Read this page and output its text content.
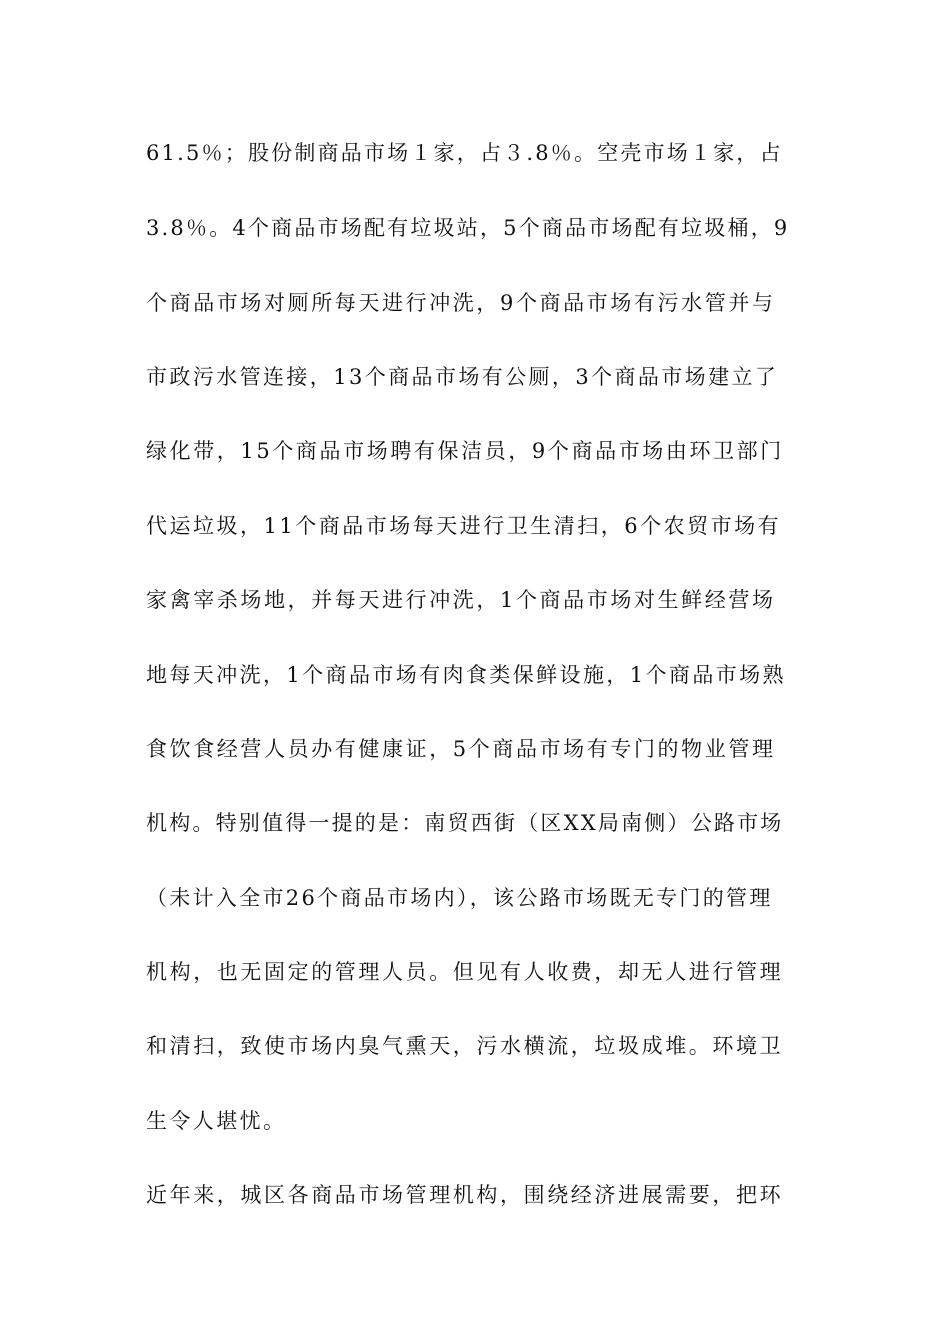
61.5％；股份制商品市场１家，占３.8％。空壳市场１家，占
3.8％。4个商品市场配有垃圾站，5个商品市场配有垃圾桶，9
个商品市场对厕所每天进行冲洗，9个商品市场有污水管并与
市政污水管连接，13个商品市场有公厕，3个商品市场建立了
绿化带，15个商品市场聘有保洁员，9个商品市场由环卫部门
代运垃圾，11个商品市场每天进行卫生清扫，6个农贸市场有
家禽宰杀场地，并每天进行冲洗，1个商品市场对生鲜经营场
地每天冲洗，1个商品市场有肉食类保鲜设施，1个商品市场熟
食饮食经营人员办有健康证，5个商品市场有专门的物业管理
机构。特别值得一提的是：南贸西街（区XX局南侧）公路市场
（未计入全市26个商品市场内），该公路市场既无专门的管理
机构，也无固定的管理人员。但见有人收费，却无人进行管理
和清扫，致使市场内臭气熏天，污水横流，垃圾成堆。环境卫
生令人堪忧。
近年来，城区各商品市场管理机构，围绕经济进展需要，把环
